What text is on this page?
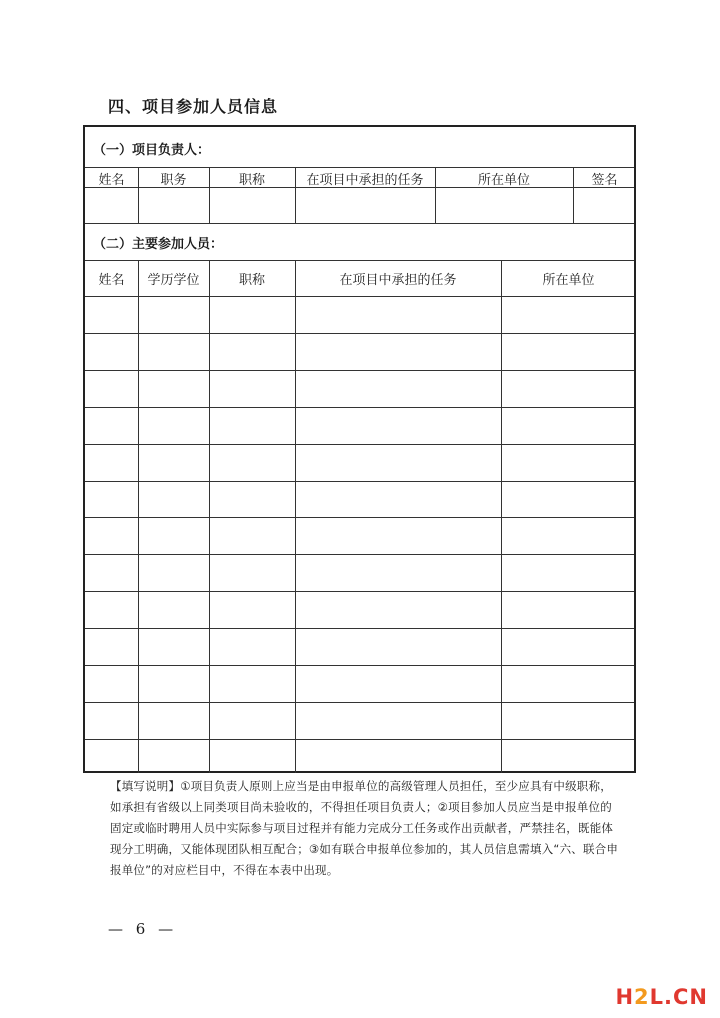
四、项目参加人员信息
（一）项目负责人：
姓名	职务	职称	在项目中承担的任务	所在单位	签名
（二）主要参加人员：
姓名	学历学位	职称	在项目中承担的任务	所在单位
【填写说明】①项目负责人原则上应当是由申报单位的高级管理人员担任，至少应具有中级职称，如承担有省级以上同类项目尚未验收的，不得担任项目负责人；②项目参加人员应当是申报单位的固定或临时聘用人员中实际参与项目过程并有能力完成分工任务或作出贡献者，严禁挂名，既能体现分工明确，又能体现团队相互配合；③如有联合申报单位参加的，其人员信息需填入“六、联合申报单位”的对应栏目中，不得在本表中出现。
— 6 —
H2L.CN
